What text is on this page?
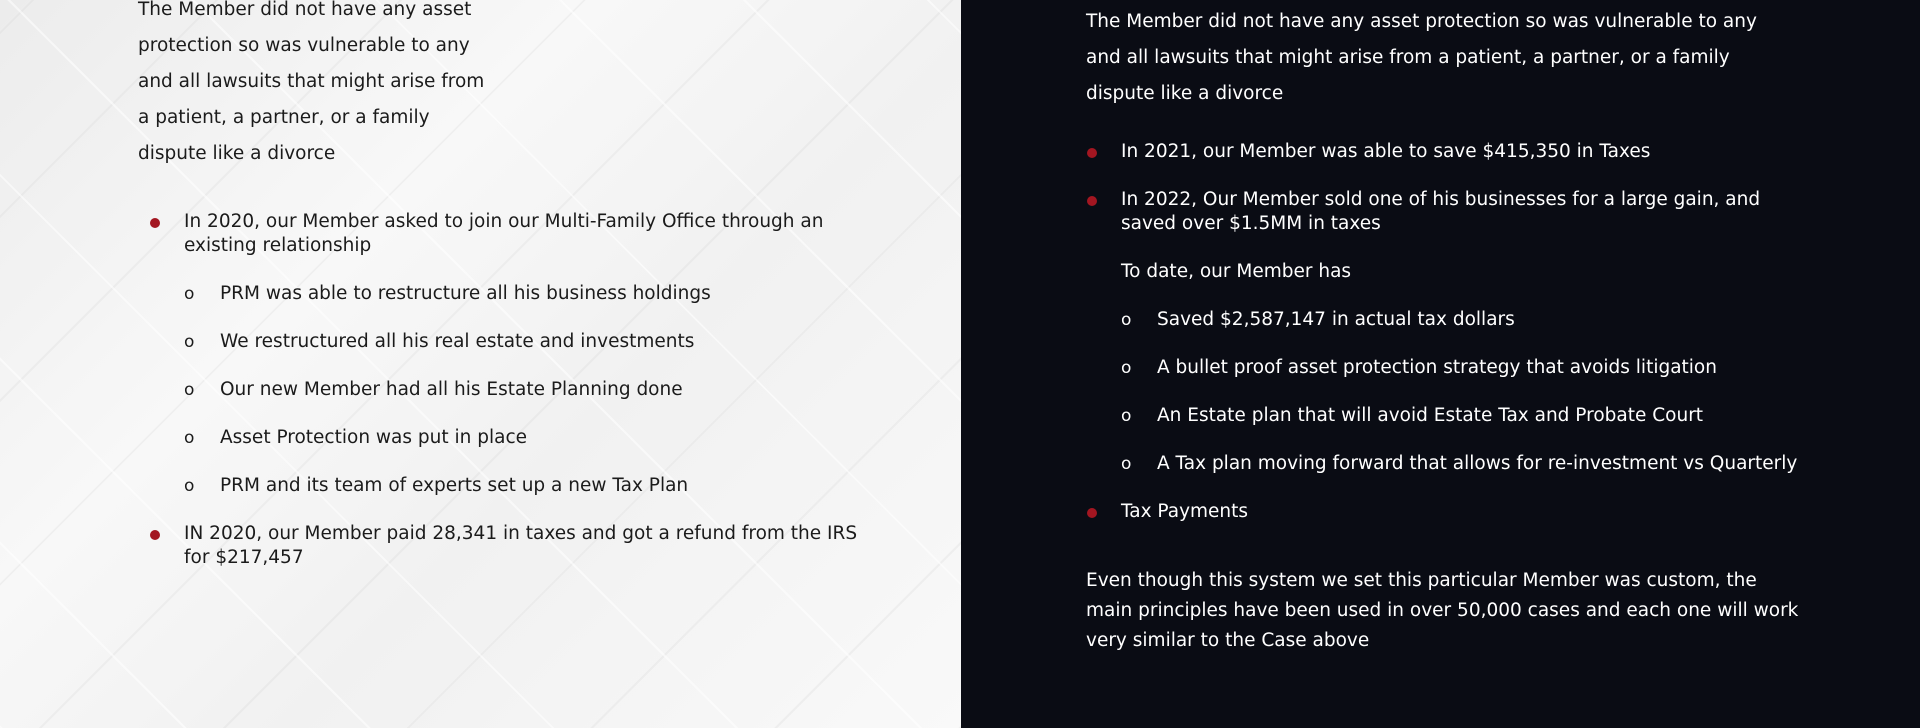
The Member did not have any asset protection so was vulnerable to any and all lawsuits that might arise from a patient, a partner, or a family dispute like a divorce

In 2020, our Member asked to join our Multi-Family Office through an existing relationship
o PRM was able to restructure all his business holdings
o We restructured all his real estate and investments
o Our new Member had all his Estate Planning done
o Asset Protection was put in place
o PRM and its team of experts set up a new Tax Plan
IN 2020, our Member paid 28,341 in taxes and got a refund from the IRS for $217,457

The Member did not have any asset protection so was vulnerable to any and all lawsuits that might arise from a patient, a partner, or a family dispute like a divorce

In 2021, our Member was able to save $415,350 in Taxes
In 2022, Our Member sold one of his businesses for a large gain, and saved over $1.5MM in taxes

To date, our Member has

o Saved $2,587,147 in actual tax dollars
o A bullet proof asset protection strategy that avoids litigation
o An Estate plan that will avoid Estate Tax and Probate Court
o A Tax plan moving forward that allows for re-investment vs Quarterly
Tax Payments

Even though this system we set this particular Member was custom, the main principles have been used in over 50,000 cases and each one will work very similar to the Case above
